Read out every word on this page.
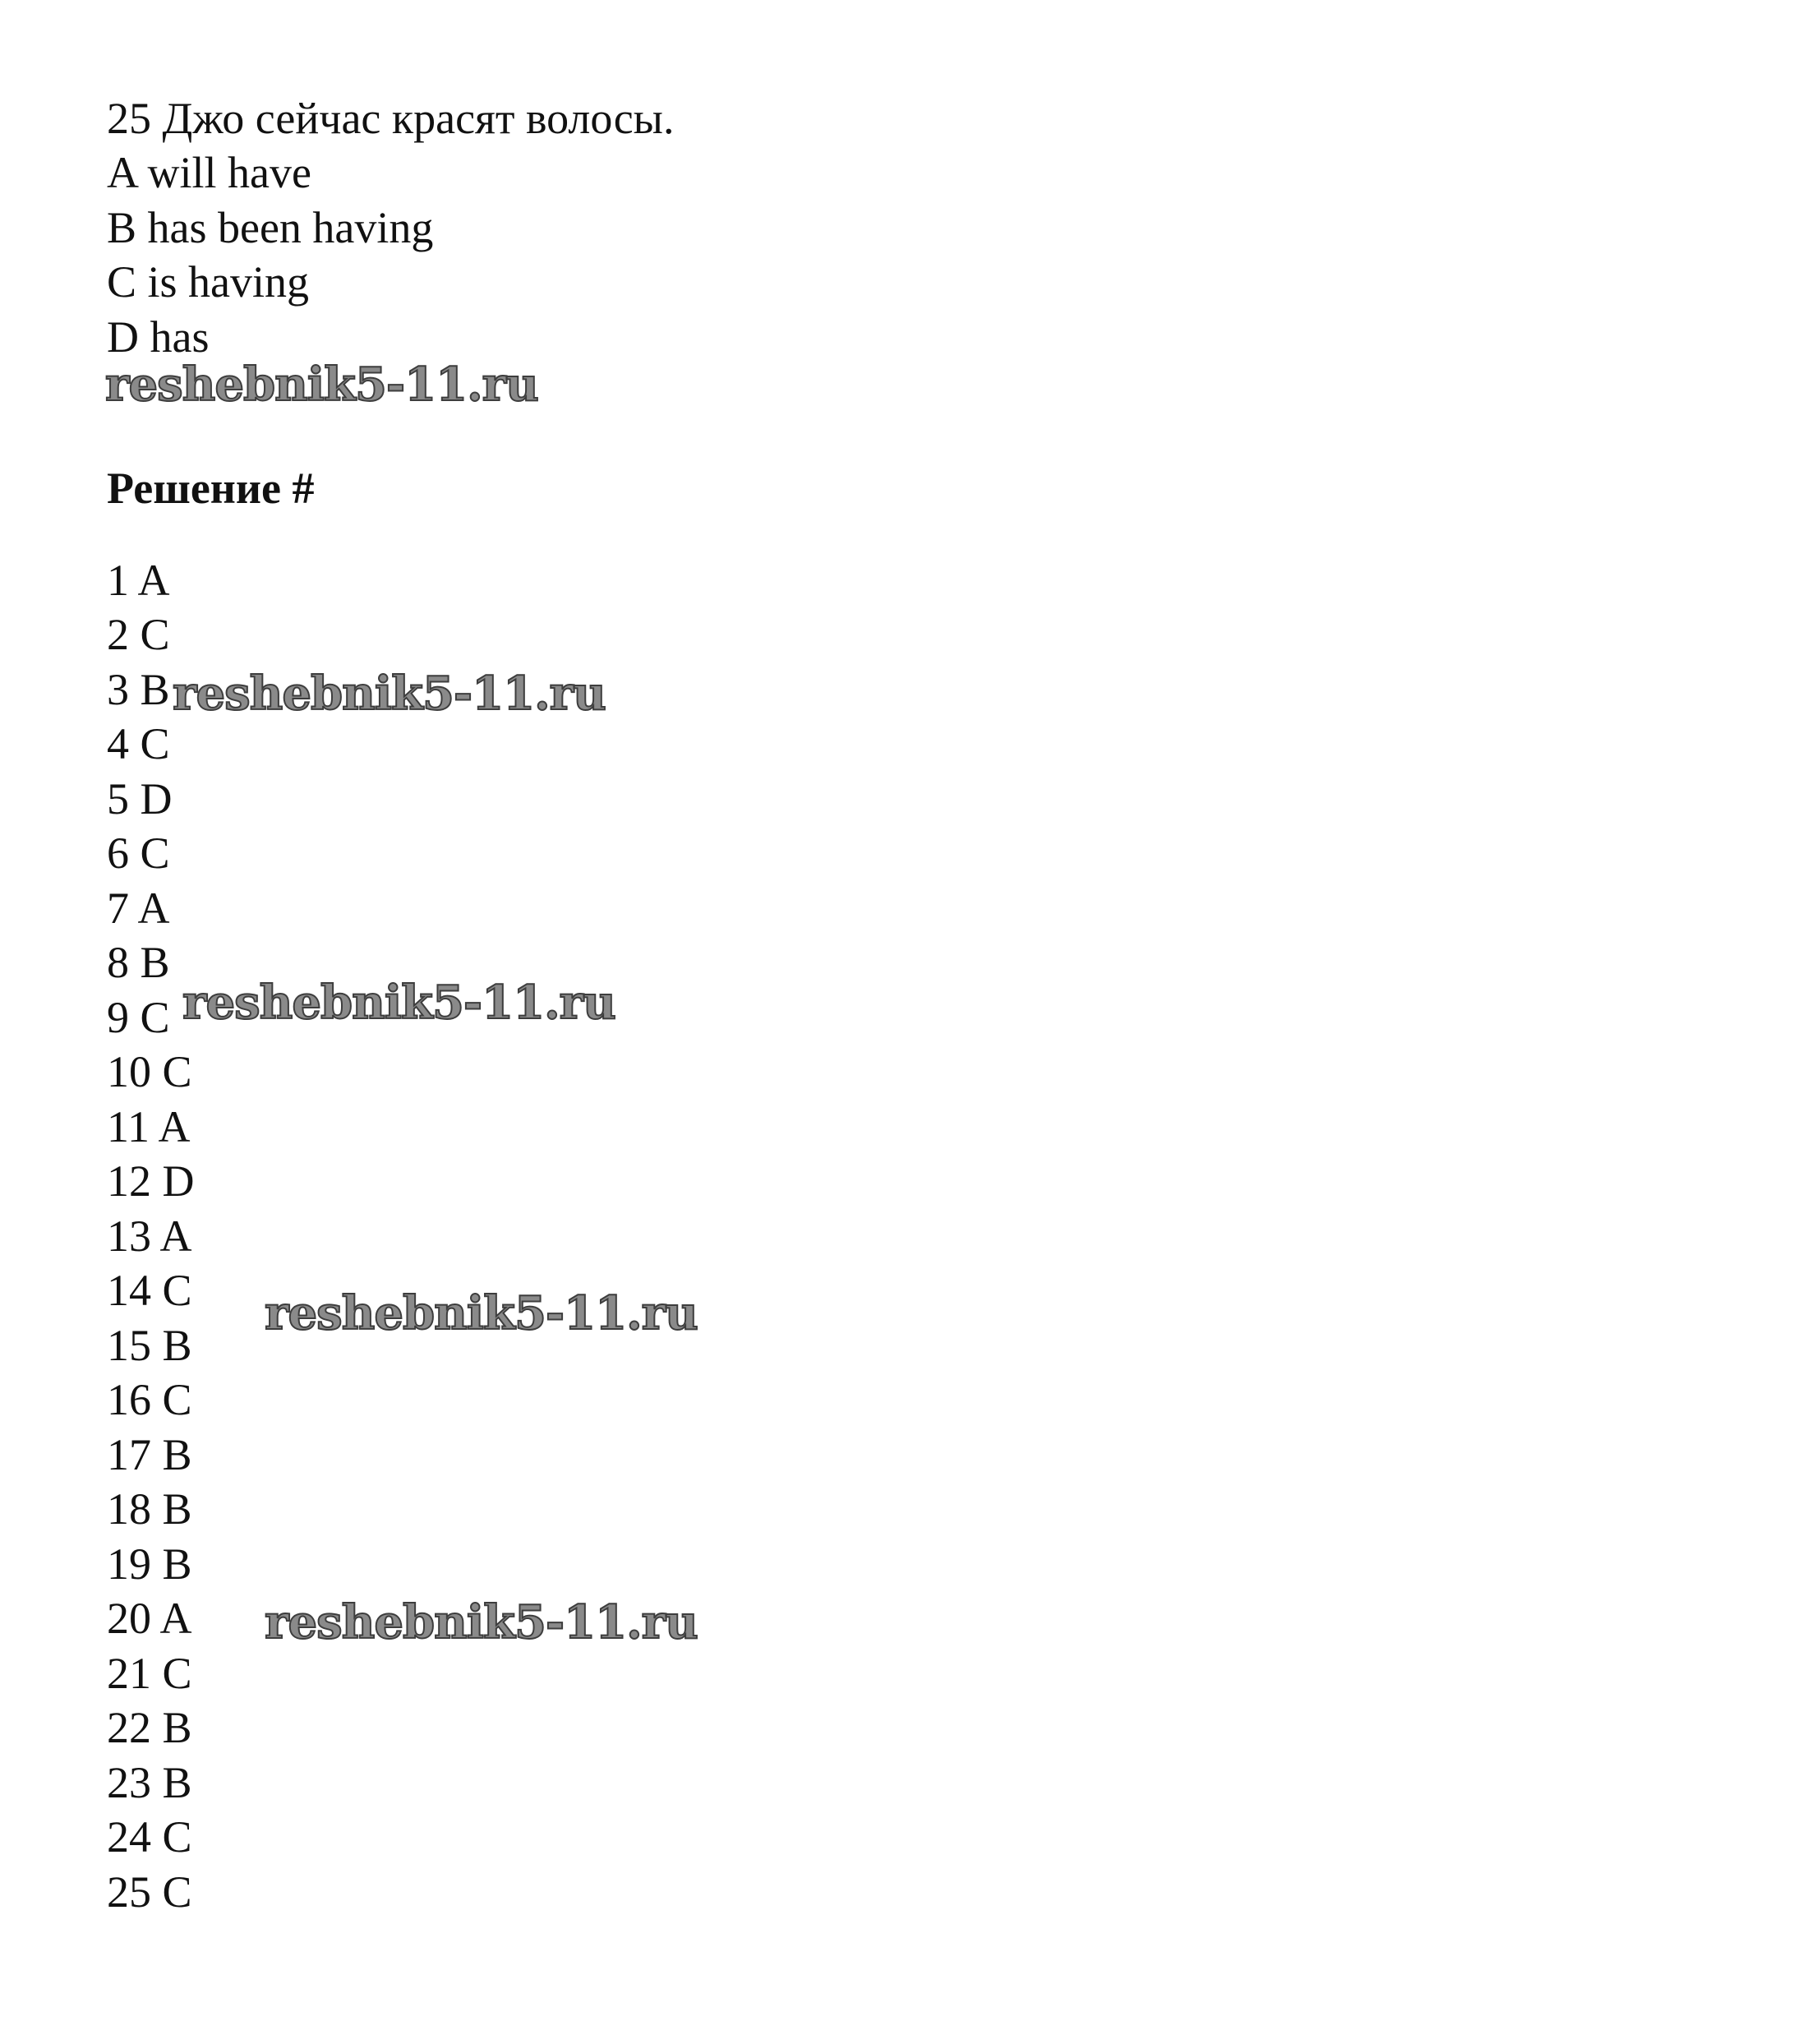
25 Джо сейчас красят волосы.
A will have
B has been having
C is having
D has
reshebnik5-11.ru
Решение #
1 A
2 C
3 B
4 C
5 D
6 C
7 A
8 B
9 C
10 C
11 A
12 D
13 A
14 C
15 B
16 C
17 B
18 B
19 B
20 A
21 C
22 B
23 B
24 C
25 C
reshebnik5-11.ru
reshebnik5-11.ru
reshebnik5-11.ru
reshebnik5-11.ru
